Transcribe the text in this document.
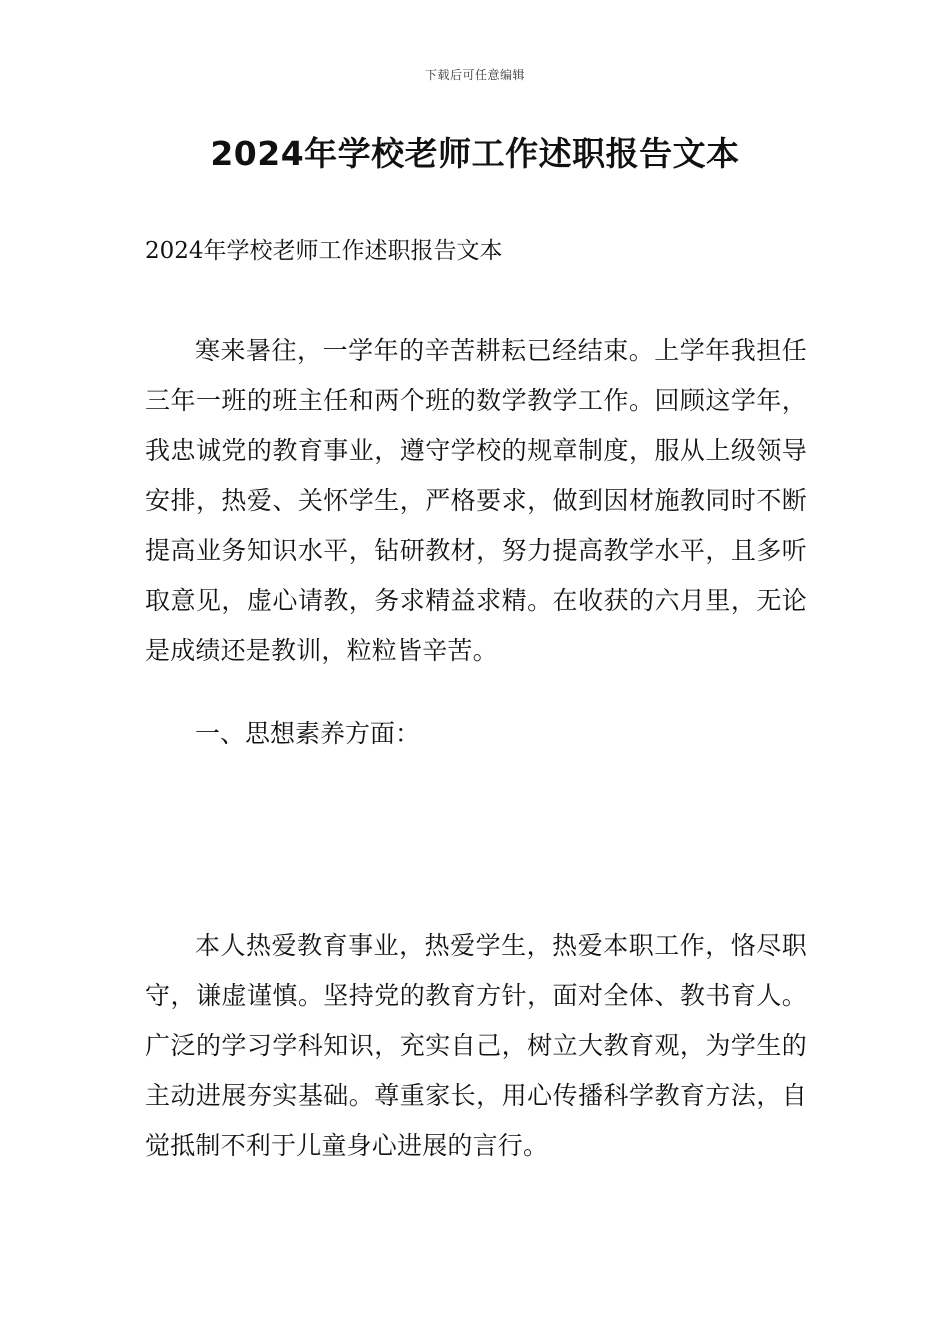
下载后可任意编辑
2024年学校老师工作述职报告文本

2024年学校老师工作述职报告文本

寒来暑往，一学年的辛苦耕耘已经结束。上学年我担任三年一班的班主任和两个班的数学教学工作。回顾这学年，我忠诚党的教育事业，遵守学校的规章制度，服从上级领导安排，热爱、关怀学生，严格要求，做到因材施教同时不断提高业务知识水平，钻研教材，努力提高教学水平，且多听取意见，虚心请教，务求精益求精。在收获的六月里，无论是成绩还是教训，粒粒皆辛苦。

一、思想素养方面：

本人热爱教育事业，热爱学生，热爱本职工作，恪尽职守，谦虚谨慎。坚持党的教育方针，面对全体、教书育人。广泛的学习学科知识，充实自己，树立大教育观，为学生的主动进展夯实基础。尊重家长，用心传播科学教育方法，自觉抵制不利于儿童身心进展的言行。
